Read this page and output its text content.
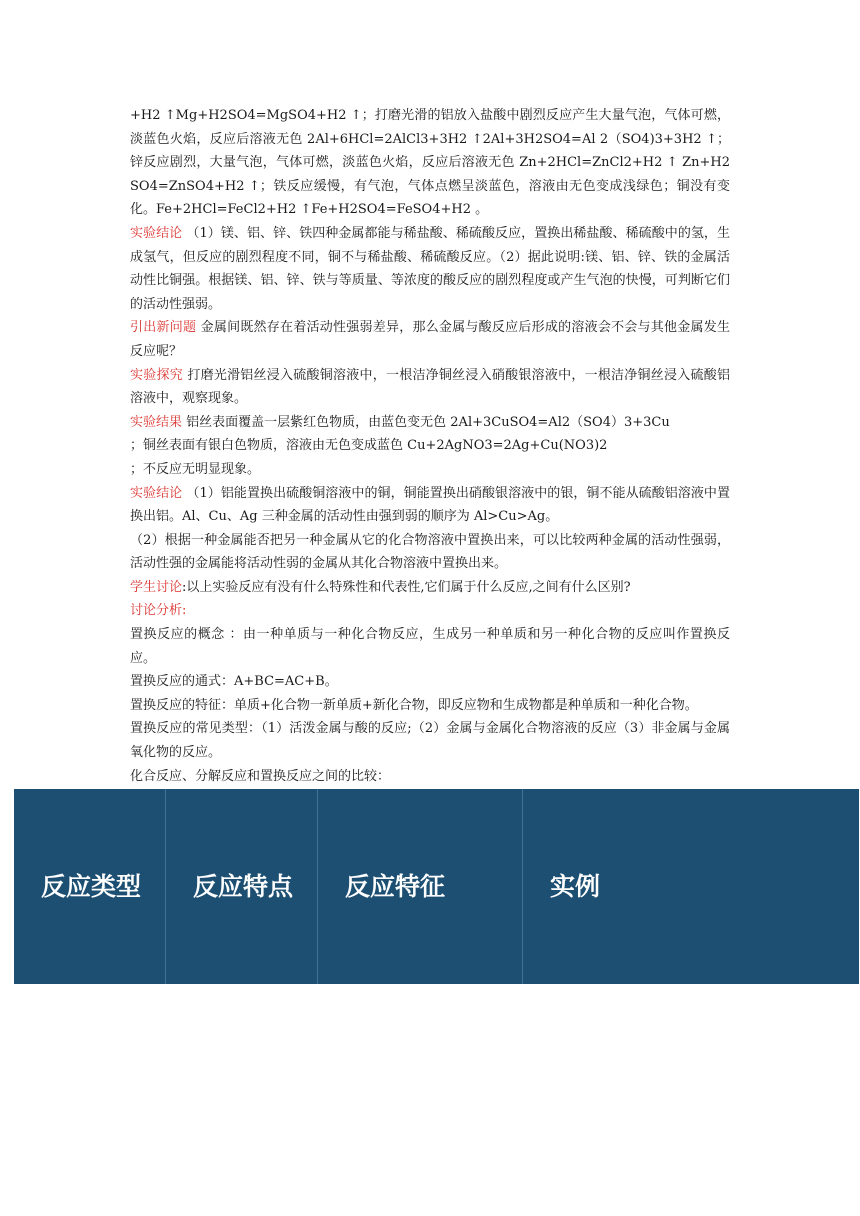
+H2 ↑Mg+H2SO4=MgSO4+H2 ↑；打磨光滑的铝放入盐酸中剧烈反应产生大量气泡，气体可燃，淡蓝色火焰，反应后溶液无色 2Al+6HCl=2AlCl3+3H2 ↑2Al+3H2SO4=Al 2（SO4)3+3H2 ↑；锌反应剧烈，大量气泡，气体可燃，淡蓝色火焰，反应后溶液无色 Zn+2HCl=ZnCl2+H2 ↑ Zn+H2SO4=ZnSO4+H2 ↑；铁反应缓慢，有气泡，气体点燃呈淡蓝色，溶液由无色变成浅绿色；铜没有变化。Fe+2HCl=FeCl2+H2 ↑Fe+H2SO4=FeSO4+H2 。

实验结论 （1）镁、铝、锌、铁四种金属都能与稀盐酸、稀硫酸反应，置换出稀盐酸、稀硫酸中的氢，生成氢气，但反应的剧烈程度不同，铜不与稀盐酸、稀硫酸反应。（2）据此说明:镁、铝、锌、铁的金属活动性比铜强。根据镁、铝、锌、铁与等质量、等浓度的酸反应的剧烈程度或产生气泡的快慢，可判断它们的活动性强弱。

引出新问题 金属间既然存在着活动性强弱差异，那么金属与酸反应后形成的溶液会不会与其他金属发生反应呢？

实验探究 打磨光滑铝丝浸入硫酸铜溶液中，一根洁净铜丝浸入硝酸银溶液中，一根洁净铜丝浸入硫酸铝溶液中，观察现象。

实验结果 铝丝表面覆盖一层紫红色物质，由蓝色变无色 2Al+3CuSO4=Al2（SO4）3+3Cu

；铜丝表面有银白色物质，溶液由无色变成蓝色 Cu+2AgNO3=2Ag+Cu(NO3)2

；不反应无明显现象。

实验结论 （1）铝能置换出硫酸铜溶液中的铜，铜能置换出硝酸银溶液中的银，铜不能从硫酸铝溶液中置换出铝。Al、Cu、Ag 三种金属的活动性由强到弱的顺序为 Al>Cu>Ag。

（2）根据一种金属能否把另一种金属从它的化合物溶液中置换出来，可以比较两种金属的活动性强弱，活动性强的金属能将活动性弱的金属从其化合物溶液中置换出来。

学生讨论:以上实验反应有没有什么特殊性和代表性,它们属于什么反应,之间有什么区别?

讨论分析:

置换反应的概念 ：由一种单质与一种化合物反应，生成另一种单质和另一种化合物的反应叫作置换反应。

置换反应的通式：A+BC=AC+B。

置换反应的特征：单质+化合物一新单质+新化合物，即反应物和生成物都是种单质和一种化合物。

置换反应的常见类型：（1）活泼金属与酸的反应;（2）金属与金属化合物溶液的反应（3）非金属与金属氧化物的反应。

化合反应、分解反应和置换反应之间的比较：

反应类型	反应特点	反应特征	实例
